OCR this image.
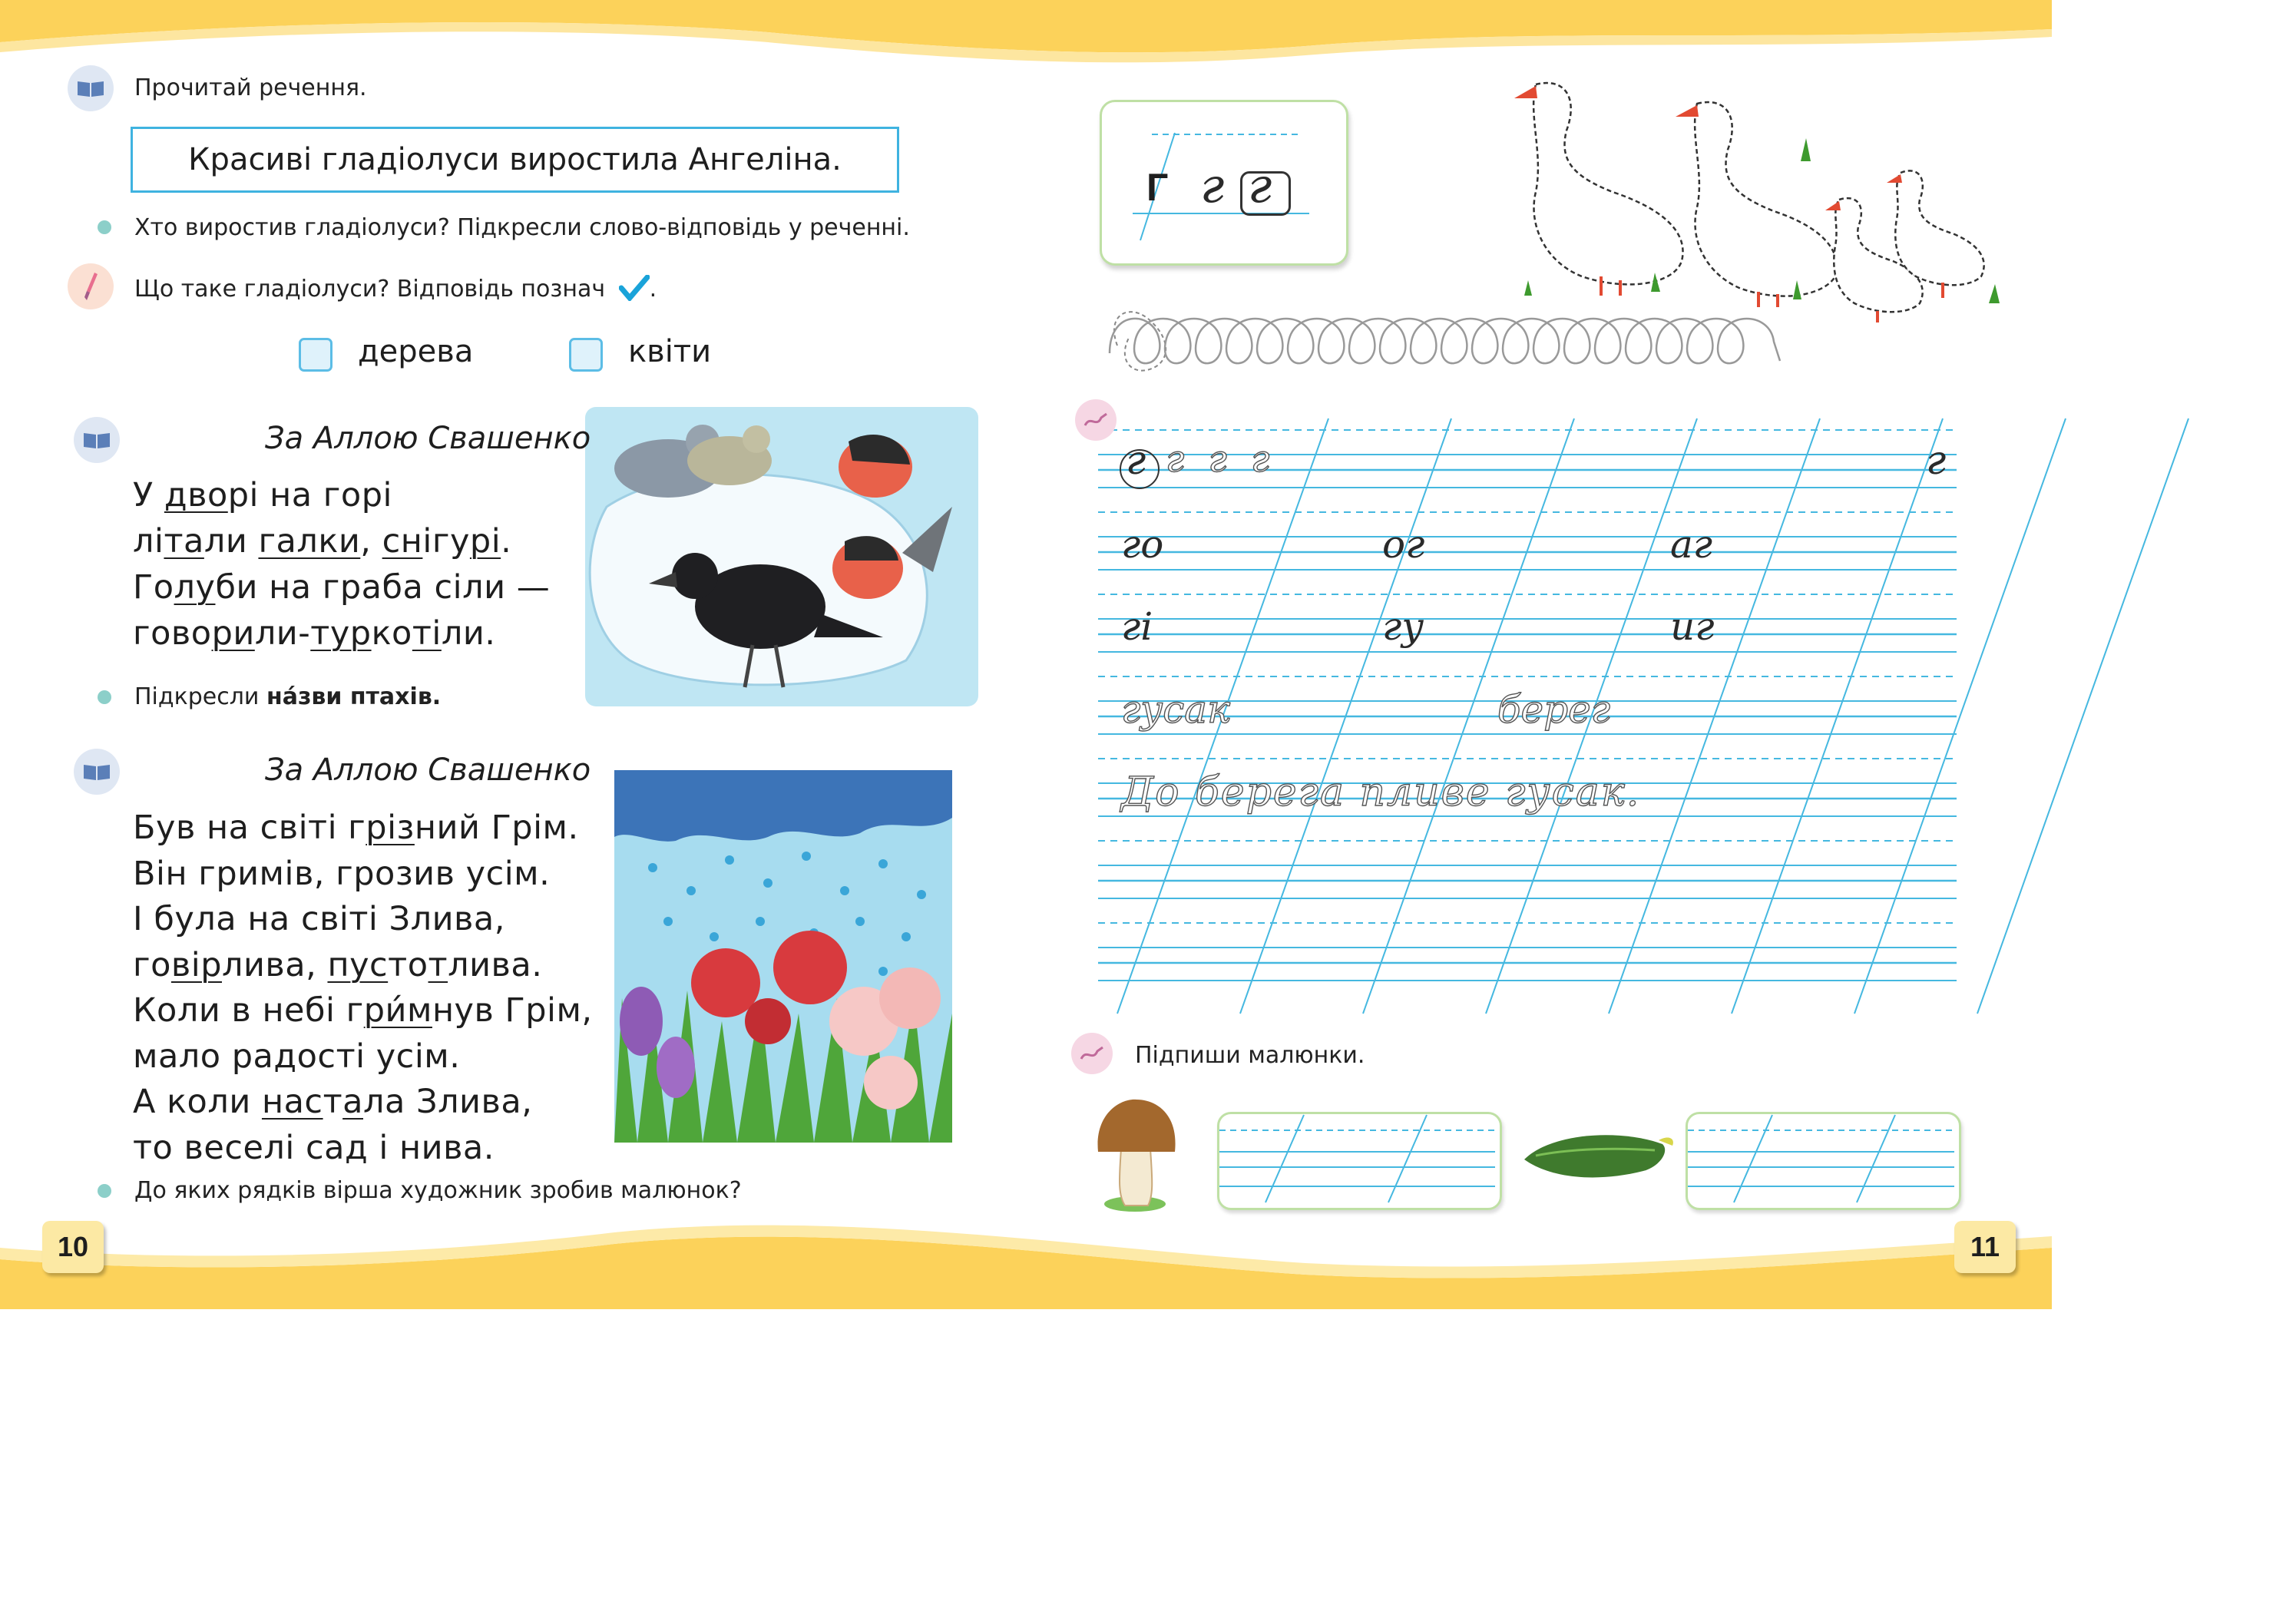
Прочитай речення.
Красиві гладіолуси виростила Ангеліна.
Хто виростив гладіолуси? Підкресли слово-відповідь у реченні.
Що таке гладіолуси? Відповідь познач .
дерева	квіти
За Аллою Свашенко
У дворі на горі
літали галки, снігурі.
Голуби на граба сіли —
говорили-туркотіли.
Підкресли на́зви птахів.
За Аллою Свашенко
Був на світі грізний Грім.
Він гримів, грозив усім.
І була на світі Злива,
говірлива, пустотлива.
Коли в небі гри́мнув Грім,
мало радості усім.
А коли настала Злива,
то веселі сад і нива.
До яких рядків вірша художник зробив малюнок?
10
Г г г
г г г г	г
го	ог	аг
гі	гу	иг
гусак	берег
До берега пливе гусак.
Підпиши малюнки.
11
